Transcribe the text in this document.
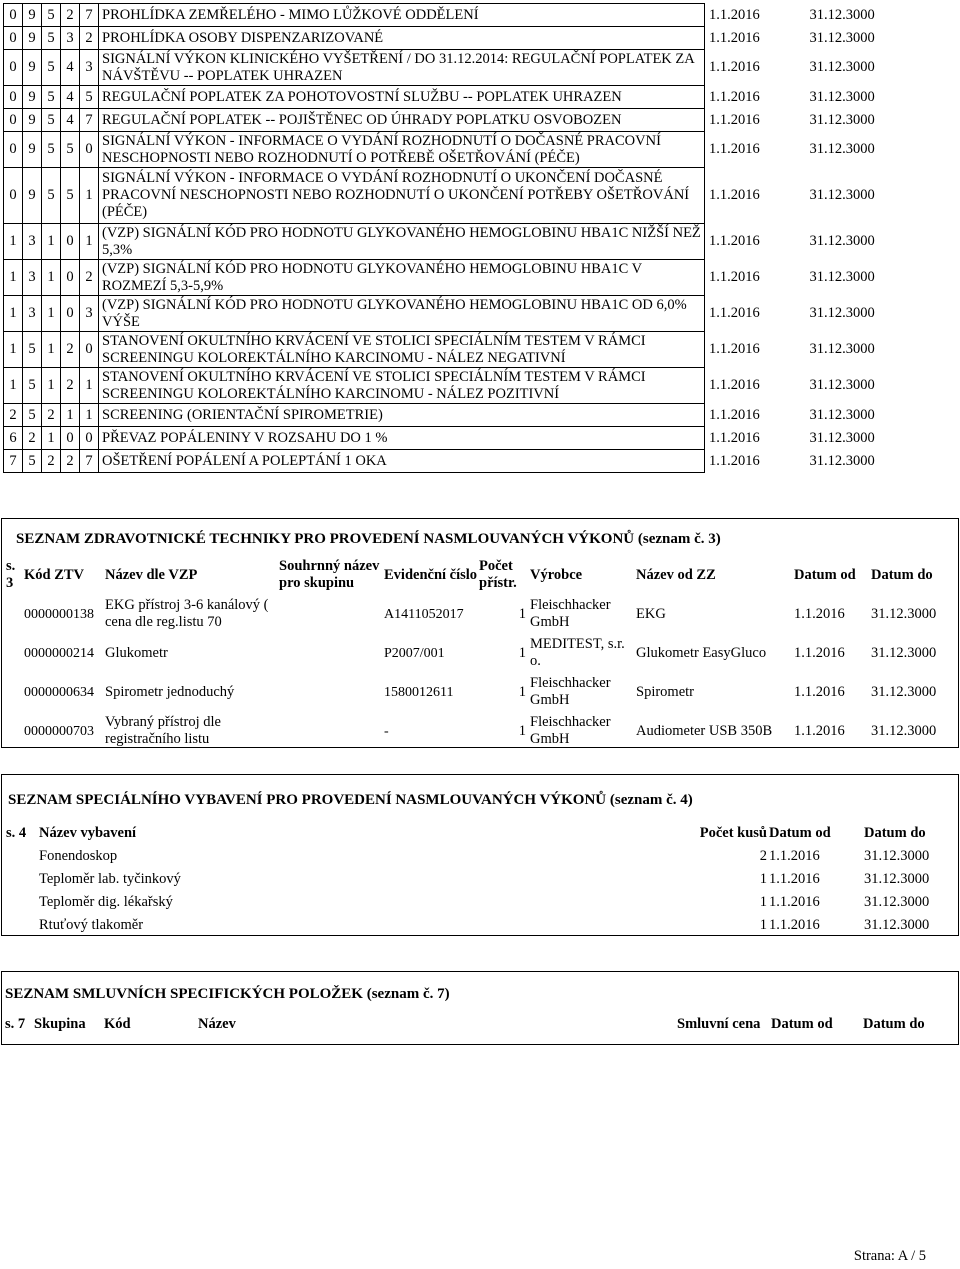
0	9	5	2	7	PROHLÍDKA ZEMŘELÉHO - MIMO LŮŽKOVÉ ODDĚLENÍ	1.1.2016	31.12.3000
0	9	5	3	2	PROHLÍDKA OSOBY DISPENZARIZOVANÉ	1.1.2016	31.12.3000
0	9	5	4	3	SIGNÁLNÍ VÝKON KLINICKÉHO VYŠETŘENÍ / DO 31.12.2014: REGULAČNÍ POPLATEK ZA NÁVŠTĚVU -- POPLATEK UHRAZEN	1.1.2016	31.12.3000
0	9	5	4	5	REGULAČNÍ POPLATEK ZA POHOTOVOSTNÍ SLUŽBU -- POPLATEK UHRAZEN	1.1.2016	31.12.3000
0	9	5	4	7	REGULAČNÍ POPLATEK -- POJIŠTĚNEC OD ÚHRADY POPLATKU OSVOBOZEN	1.1.2016	31.12.3000
0	9	5	5	0	SIGNÁLNÍ VÝKON - INFORMACE O VYDÁNÍ ROZHODNUTÍ O DOČASNÉ PRACOVNÍ NESCHOPNOSTI NEBO ROZHODNUTÍ O POTŘEBĚ OŠETŘOVÁNÍ (PÉČE)	1.1.2016	31.12.3000
0	9	5	5	1	SIGNÁLNÍ VÝKON - INFORMACE O VYDÁNÍ ROZHODNUTÍ O UKONČENÍ DOČASNÉ PRACOVNÍ NESCHOPNOSTI NEBO ROZHODNUTÍ O UKONČENÍ POTŘEBY OŠETŘOVÁNÍ (PÉČE)	1.1.2016	31.12.3000
1	3	1	0	1	(VZP) SIGNÁLNÍ KÓD PRO HODNOTU GLYKOVANÉHO HEMOGLOBINU HBA1C NIŽŠÍ NEŽ 5,3%	1.1.2016	31.12.3000
1	3	1	0	2	(VZP) SIGNÁLNÍ KÓD PRO HODNOTU GLYKOVANÉHO HEMOGLOBINU HBA1C V ROZMEZÍ 5,3-5,9%	1.1.2016	31.12.3000
1	3	1	0	3	(VZP) SIGNÁLNÍ KÓD PRO HODNOTU GLYKOVANÉHO HEMOGLOBINU HBA1C OD 6,0% VÝŠE	1.1.2016	31.12.3000
1	5	1	2	0	STANOVENÍ OKULTNÍHO KRVÁCENÍ VE STOLICI SPECIÁLNÍM TESTEM V RÁMCI SCREENINGU KOLOREKTÁLNÍHO KARCINOMU - NÁLEZ NEGATIVNÍ	1.1.2016	31.12.3000
1	5	1	2	1	STANOVENÍ OKULTNÍHO KRVÁCENÍ VE STOLICI SPECIÁLNÍM TESTEM V RÁMCI SCREENINGU KOLOREKTÁLNÍHO KARCINOMU - NÁLEZ POZITIVNÍ	1.1.2016	31.12.3000
2	5	2	1	1	SCREENING (ORIENTAČNÍ SPIROMETRIE)	1.1.2016	31.12.3000
6	2	1	0	0	PŘEVAZ POPÁLENINY V ROZSAHU DO 1 %	1.1.2016	31.12.3000
7	5	2	2	7	OŠETŘENÍ POPÁLENÍ A POLEPTÁNÍ 1 OKA	1.1.2016	31.12.3000
SEZNAM ZDRAVOTNICKÉ TECHNIKY PRO PROVEDENÍ NASMLOUVANÝCH VÝKONŮ (seznam č. 3)
s. 3	Kód ZTV	Název dle VZP	Souhrnný název pro skupinu	Evidenční číslo	Počet přístr.	Výrobce	Název od ZZ	Datum od	Datum do
	0000000138	EKG přístroj 3-6 kanálový ( cena dle reg.listu 70		A1411052017	1	Fleischhacker GmbH	EKG	1.1.2016	31.12.3000
	0000000214	Glukometr		P2007/001	1	MEDITEST, s.r. o.	Glukometr EasyGluco	1.1.2016	31.12.3000
	0000000634	Spirometr jednoduchý		1580012611	1	Fleischhacker GmbH	Spirometr	1.1.2016	31.12.3000
	0000000703	Vybraný přístroj dle registračního listu		-	1	Fleischhacker GmbH	Audiometer USB 350B	1.1.2016	31.12.3000
SEZNAM SPECIÁLNÍHO VYBAVENÍ PRO PROVEDENÍ NASMLOUVANÝCH VÝKONŮ (seznam č. 4)
s. 4	Název vybavení	Počet kusů	Datum od	Datum do
	Fonendoskop	2	1.1.2016	31.12.3000
	Teploměr lab. tyčinkový	1	1.1.2016	31.12.3000
	Teploměr dig. lékařský	1	1.1.2016	31.12.3000
	Rtuťový tlakoměr	1	1.1.2016	31.12.3000
SEZNAM SMLUVNÍCH SPECIFICKÝCH POLOŽEK (seznam č. 7)
s. 7	Skupina	Kód	Název	Smluvní cena	Datum od	Datum do
Strana: A / 5
